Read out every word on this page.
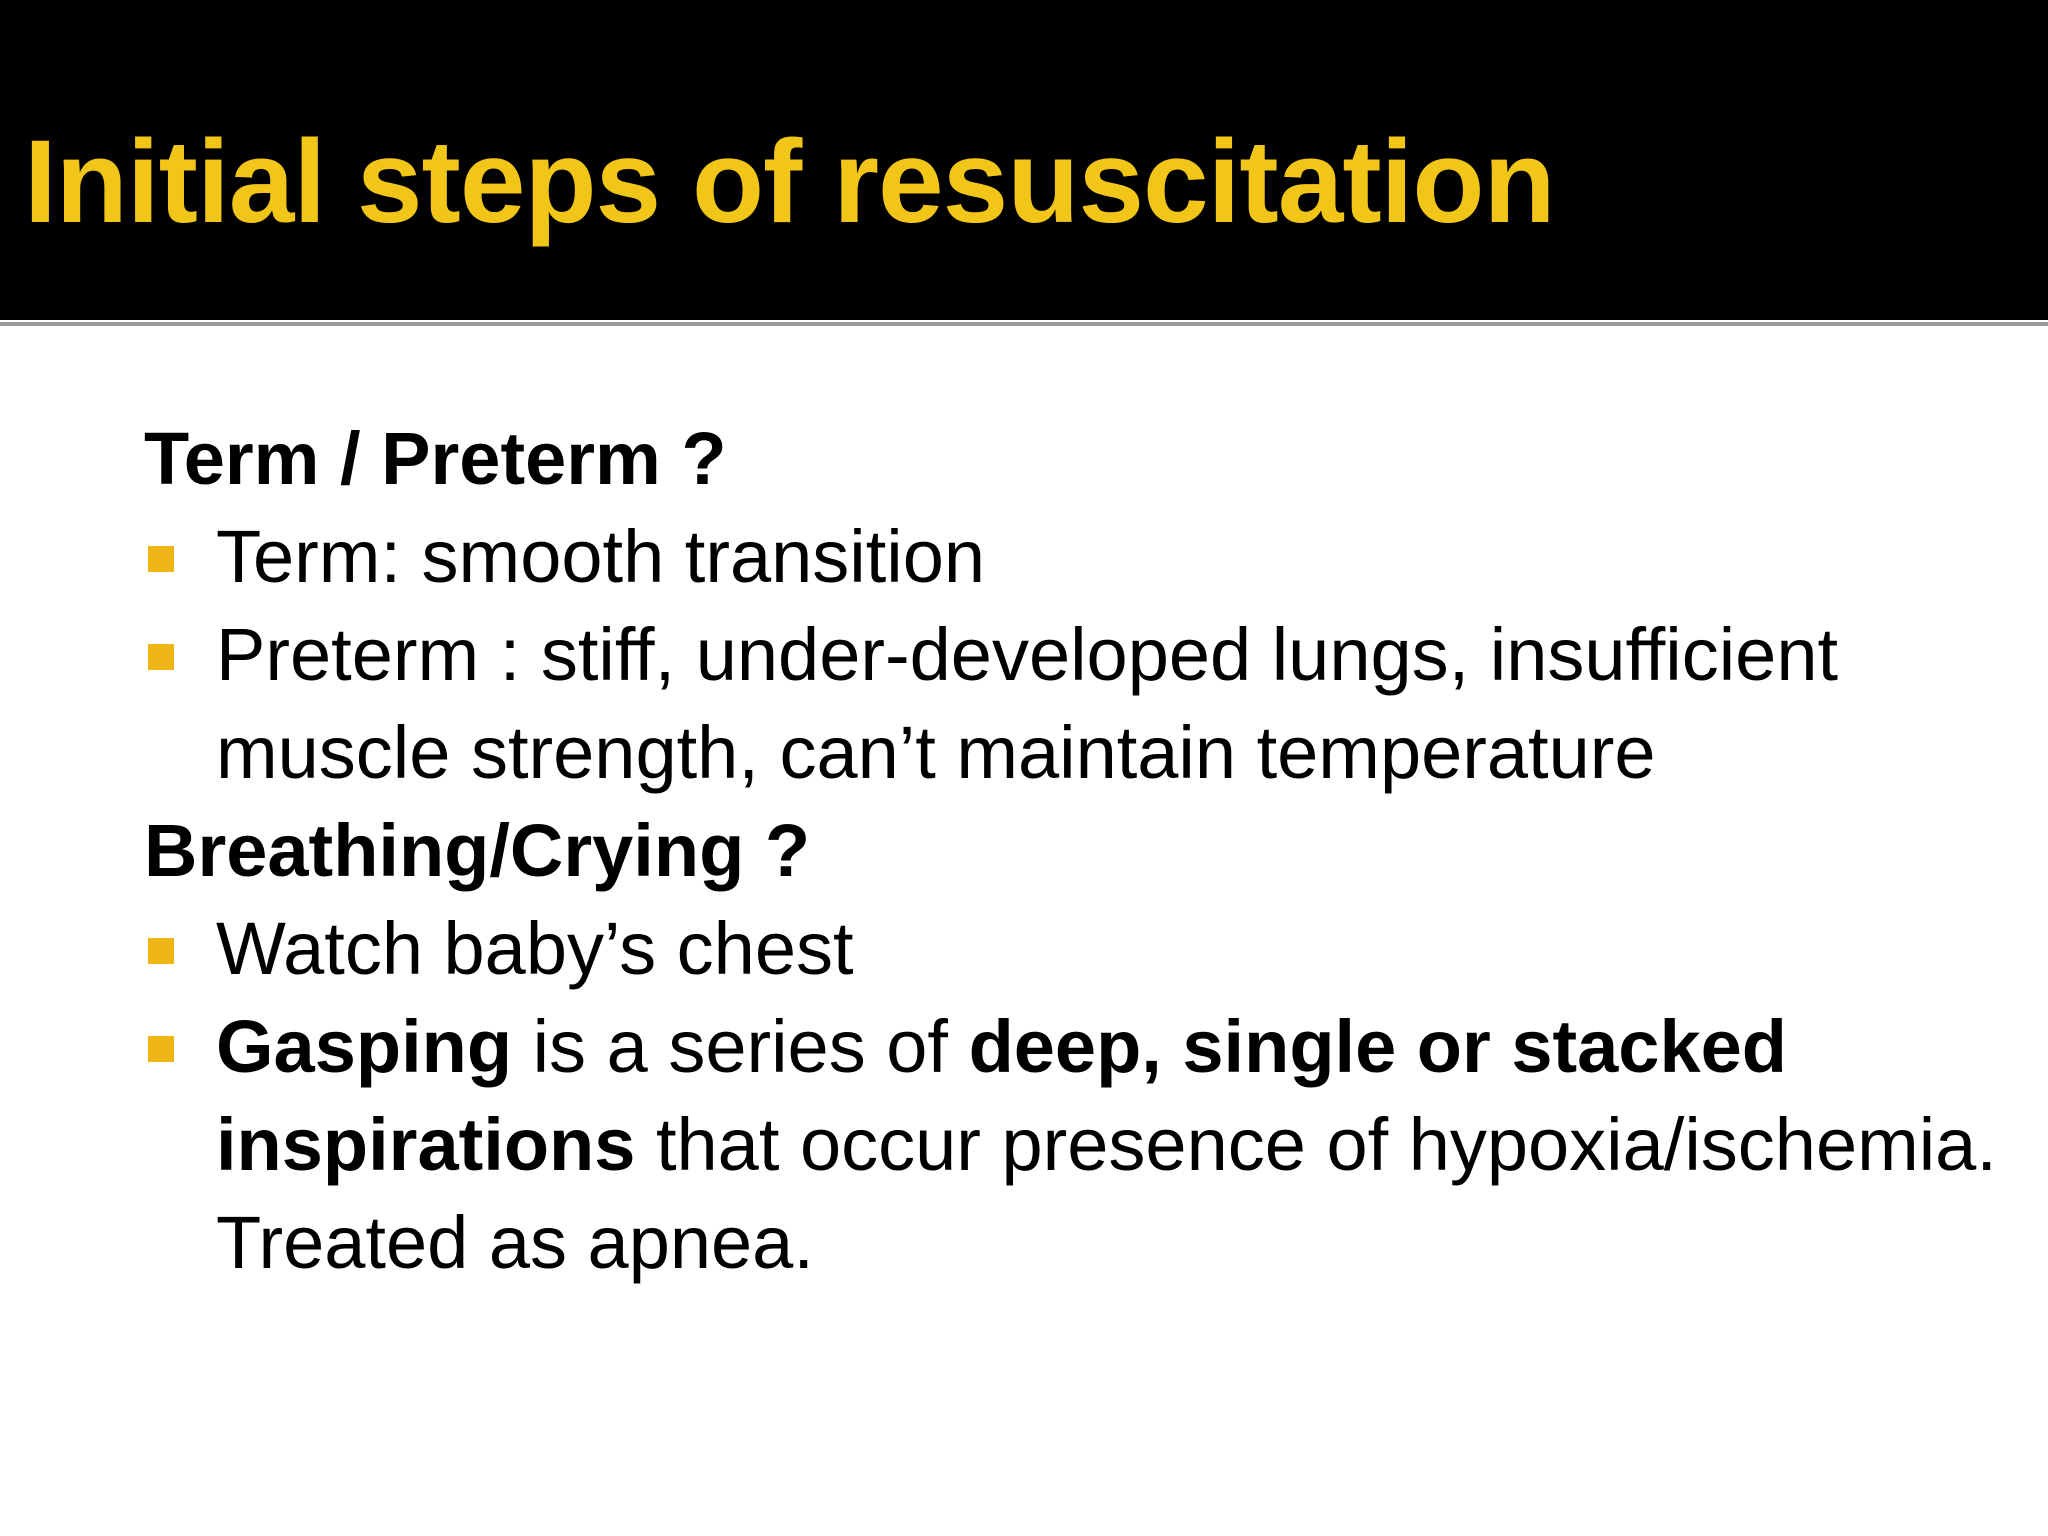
Initial steps of resuscitation

Term / Preterm ?

Term: smooth transition
Preterm : stiff, under-developed lungs, insufficient muscle strength, can’t maintain temperature

Breathing/Crying ?

Watch baby’s chest
Gasping is a series of deep, single or stacked inspirations that occur presence of hypoxia/ischemia. Treated as apnea.
